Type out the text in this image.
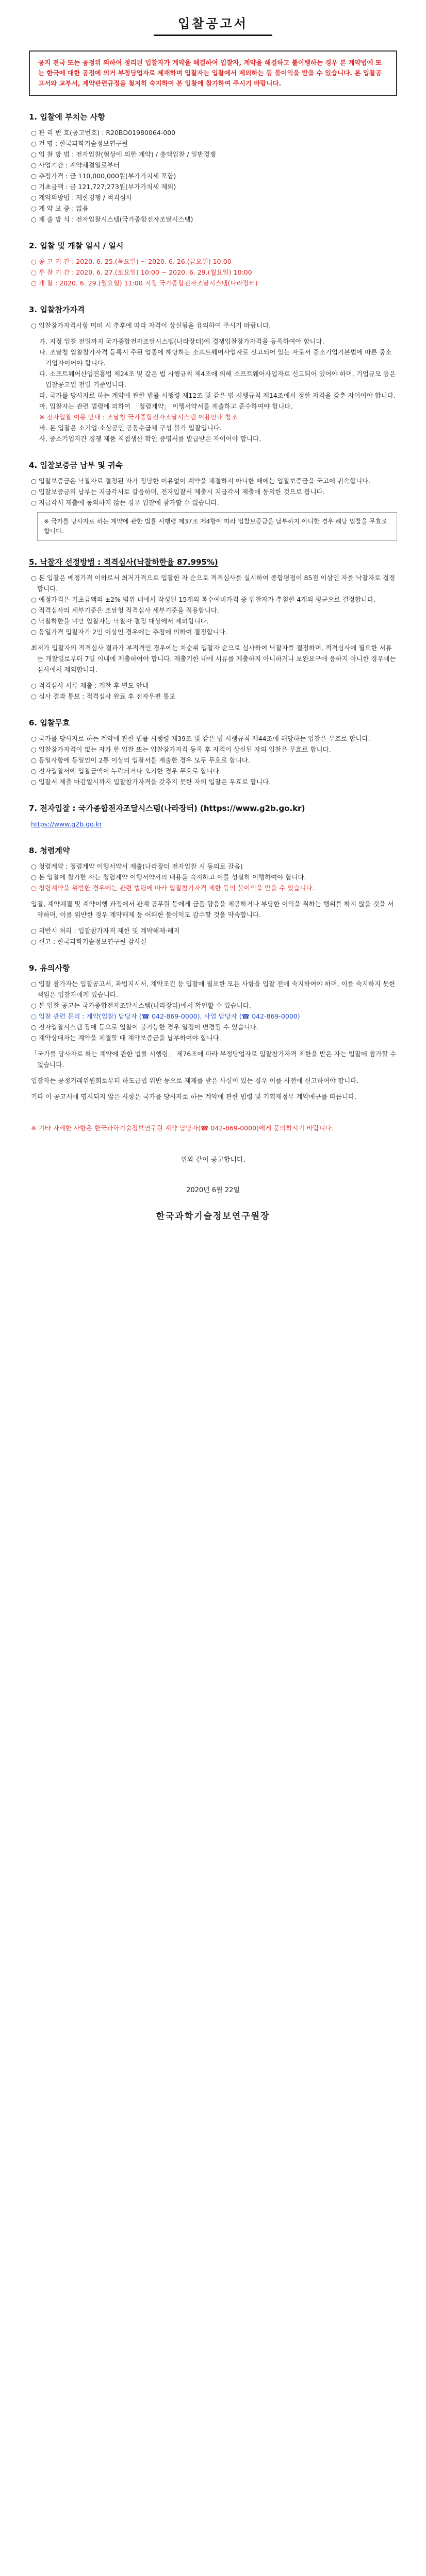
입찰공고서
공지 전국 또는 공정위 의하여 정리된 입찰자가 계약을 해결하여 입찰자, 계약을 해결하고 불이행하는 경우 본 계약법에 또는 한국에 대한 공정에 의거 부정당업자로 제재하며 입찰자는 입찰에서 제외하는 등 불이익을 받을 수 있습니다. 본 입찰공고서와 교부서, 계약관련규정을 철저히 숙지하여 본 입찰에 참가하여 주시기 바랍니다.

1. 입찰에 부치는 사항

○ 관 리 번 호(공고번호) : R20BD01980064-000

○ 건 명 : 한국과학기술정보연구원

○ 입 찰 방 법 : 전자입찰(협상에 의한 계약) / 총액입찰 / 일반경쟁

○ 사업기간 : 계약체결일로부터

○ 추정가격 : 금 110,000,000원(부가가치세 포함)

○ 기초금액 : 금 121,727,273원(부가가치세 제외)

○ 계약의방법 : 제한경쟁 / 적격심사

○ 계 약 보 증 : 없음

○ 제 출 방 식 : 전자입찰시스템(국가종합전자조달시스템)

2. 입찰 및 개찰 일시 / 일시

○ 공 고 기 간 : 2020. 6. 25.(목요일) ~ 2020. 6. 26.(금요일) 10:00

○ 투 찰 기 간 : 2020. 6. 27.(토요일) 10:00 ~ 2020. 6. 29.(월요일) 10:00

○ 개 찰 : 2020. 6. 29.(월요일) 11:00 지정 국가종합전자조달시스템(나라장터)

3. 입찰참가자격

○ 입찰참가자격사항 미비 시 추후에 따라 자격이 상실됨을 유의하여 주시기 바랍니다.

가. 지정 입찰 전일까지 국가종합전자조달시스템(나라장터)에 경쟁입찰참가자격을 등록하여야 합니다.

나. 조달청 입찰참가자격 등록시 주된 업종에 해당하는 소프트웨어사업자로 신고되어 있는 자로서 중소기업기본법에 따른 중소기업자이어야 합니다.

다. 소프트웨어산업진흥법 제24조 및 같은 법 시행규칙 제4조에 의해 소프트웨어사업자로 신고되어 있어야 하며, 기업규모 등은 입찰공고일 전일 기준입니다.

라. 국가를 당사자로 하는 계약에 관한 법률 시행령 제12조 및 같은 법 시행규칙 제14조에서 정한 자격을 갖춘 자이어야 합니다.

마. 입찰자는 관련 법령에 의하여 「청렴계약」 이행서약서를 제출하고 준수하여야 합니다.

※ 전자입찰 이용 안내 : 조달청 국가종합전자조달시스템 이용안내 참조

바. 본 입찰은 소기업·소상공인 공동수급체 구성 불가 입찰입니다.

사. 중소기업자간 경쟁 제품 직접생산 확인 증명서를 발급받은 자이어야 합니다.

4. 입찰보증금 납부 및 귀속

○ 입찰보증금은 낙찰자로 결정된 자가 정당한 이유없이 계약을 체결하지 아니한 때에는 입찰보증금을 국고에 귀속합니다.

○ 입찰보증금의 납부는 지급각서로 갈음하며, 전자입찰서 제출시 지급각서 제출에 동의한 것으로 봅니다.

○ 지급각서 제출에 동의하지 않는 경우 입찰에 참가할 수 없습니다.

※ 국가를 당사자로 하는 계약에 관한 법률 시행령 제37조 제4항에 따라 입찰보증금을 납부하지 아니한 경우 해당 입찰을 무효로 합니다.

5. 낙찰자 선정방법 : 적격심사(낙찰하한율 87.995%)

○ 본 입찰은 예정가격 이하로서 최저가격으로 입찰한 자 순으로 적격심사를 실시하여 종합평점이 85점 이상인 자를 낙찰자로 결정합니다.

○ 예정가격은 기초금액의 ±2% 범위 내에서 작성된 15개의 복수예비가격 중 입찰자가 추첨한 4개의 평균으로 결정합니다.

○ 적격심사의 세부기준은 조달청 적격심사 세부기준을 적용합니다.

○ 낙찰하한율 미만 입찰자는 낙찰자 결정 대상에서 제외합니다.

○ 동일가격 입찰자가 2인 이상인 경우에는 추첨에 의하여 결정합니다.

최저가 입찰자의 적격심사 결과가 부적격인 경우에는 차순위 입찰자 순으로 심사하여 낙찰자를 결정하며, 적격심사에 필요한 서류는 개찰일로부터 7일 이내에 제출하여야 합니다. 제출기한 내에 서류를 제출하지 아니하거나 보완요구에 응하지 아니한 경우에는 심사에서 제외합니다.

○ 적격심사 서류 제출 : 개찰 후 별도 안내

○ 심사 결과 통보 : 적격심사 완료 후 전자우편 통보

6. 입찰무효

○ 국가를 당사자로 하는 계약에 관한 법률 시행령 제39조 및 같은 법 시행규칙 제44조에 해당하는 입찰은 무효로 합니다.

○ 입찰참가자격이 없는 자가 한 입찰 또는 입찰참가자격 등록 후 자격이 상실된 자의 입찰은 무효로 합니다.

○ 동일사항에 동일인이 2통 이상의 입찰서를 제출한 경우 모두 무효로 합니다.

○ 전자입찰서에 입찰금액이 누락되거나 오기한 경우 무효로 합니다.

○ 입찰서 제출 마감일시까지 입찰참가자격을 갖추지 못한 자의 입찰은 무효로 합니다.

7. 전자입찰 : 국가종합전자조달시스템(나라장터) (https://www.g2b.go.kr)

https://www.g2b.go.kr

8. 청렴계약

○ 청렴계약 : 청렴계약 이행서약서 제출(나라장터 전자입찰 시 동의로 갈음)

○ 본 입찰에 참가한 자는 청렴계약 이행서약서의 내용을 숙지하고 이를 성실히 이행하여야 합니다.

○ 청렴계약을 위반한 경우에는 관련 법령에 따라 입찰참가자격 제한 등의 불이익을 받을 수 있습니다.

입찰, 계약체결 및 계약이행 과정에서 관계 공무원 등에게 금품·향응을 제공하거나 부당한 이익을 취하는 행위를 하지 않을 것을 서약하며, 이를 위반한 경우 계약해제 등 어떠한 불이익도 감수할 것을 약속합니다.

○ 위반시 처리 : 입찰참가자격 제한 및 계약해제·해지

○ 신고 : 한국과학기술정보연구원 감사실

9. 유의사항

○ 입찰 참가자는 입찰공고서, 과업지시서, 계약조건 등 입찰에 필요한 모든 사항을 입찰 전에 숙지하여야 하며, 이를 숙지하지 못한 책임은 입찰자에게 있습니다.

○ 본 입찰 공고는 국가종합전자조달시스템(나라장터)에서 확인할 수 있습니다.

○ 입찰 관련 문의 : 계약(입찰) 담당자 (☎ 042-869-0000), 사업 담당자 (☎ 042-869-0000)

○ 전자입찰시스템 장애 등으로 입찰이 불가능한 경우 일정이 변경될 수 있습니다.

○ 계약상대자는 계약을 체결할 때 계약보증금을 납부하여야 합니다.

「국가를 당사자로 하는 계약에 관한 법률 시행령」 제76조에 따라 부정당업자로 입찰참가자격 제한을 받은 자는 입찰에 참가할 수 없습니다.

입찰자는 공정거래위원회로부터 하도급법 위반 등으로 제재를 받은 사실이 있는 경우 이를 사전에 신고하여야 합니다.

기타 이 공고서에 명시되지 않은 사항은 국가를 당사자로 하는 계약에 관한 법령 및 기획재정부 계약예규를 따릅니다.

※ 기타 자세한 사항은 한국과학기술정보연구원 계약 담당자(☎ 042-869-0000)에게 문의하시기 바랍니다.

위와 같이 공고합니다.
2020년 6월 22일
한국과학기술정보연구원장
